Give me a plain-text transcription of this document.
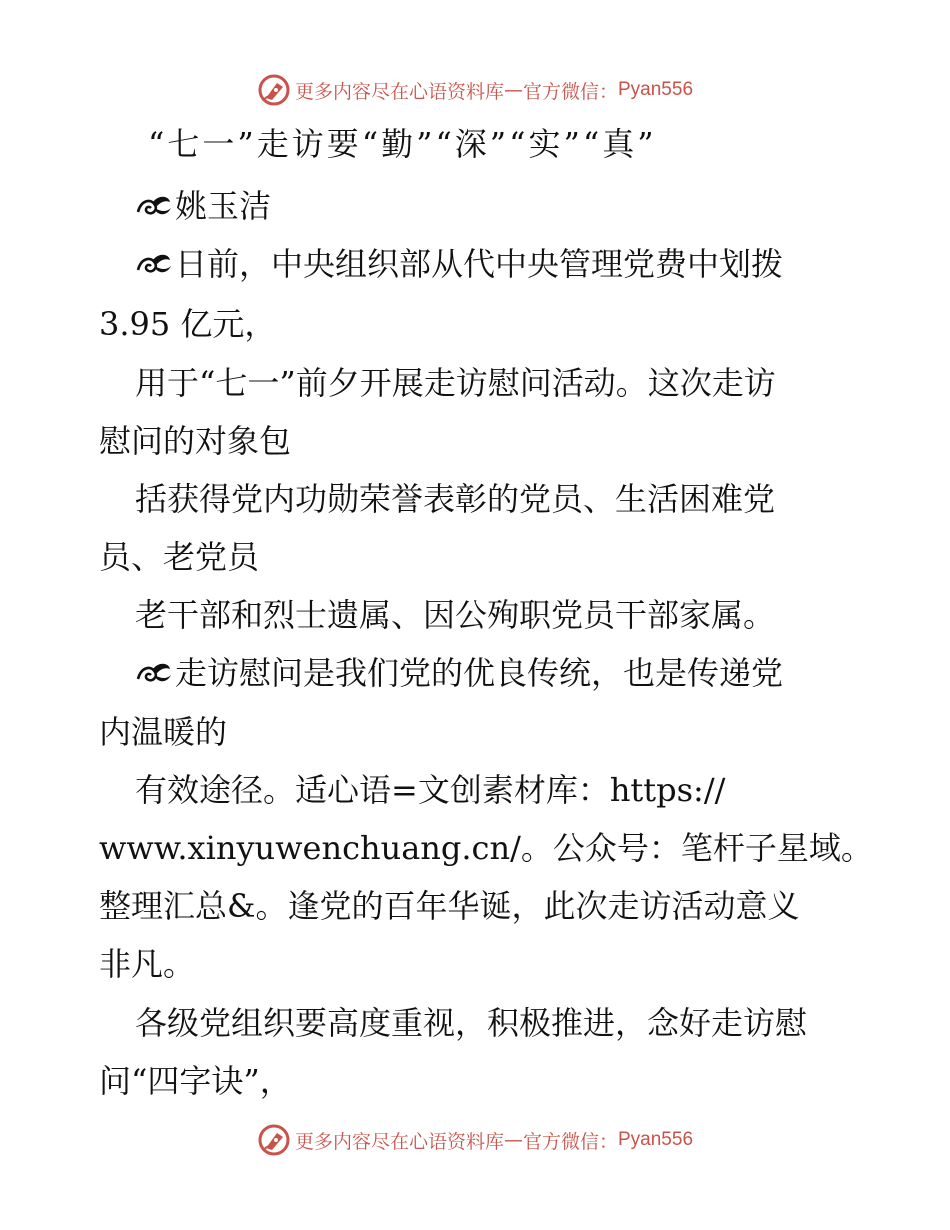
更多内容尽在心语资料库 — 官方微信： Pyan556
“七一”走访要“勤”“深”“实”“真”
姚玉洁
日前，中央组织部从代中央管理党费中划拨
3.95 亿元，
用于“七一”前夕开展走访慰问活动。这次走访
慰问的对象包
括获得党内功勋荣誉表彰的党员、生活困难党
员、老党员
老干部和烈士遗属、因公殉职党员干部家属。
走访慰问是我们党的优良传统，也是传递党
内温暖的
有效途径。适心语=文创素材库：https://
www.xinyuwenchuang.cn/。公众号：笔杆子星域。
整理汇总&。逢党的百年华诞，此次走访活动意义
非凡。
各级党组织要高度重视，积极推进，念好走访慰
问“四字诀”，
更多内容尽在心语资料库 — 官方微信： Pyan556
